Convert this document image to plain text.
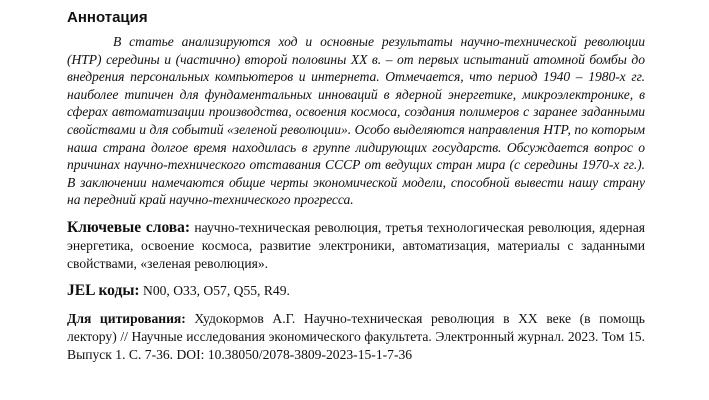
Аннотация

В статье анализируются ход и основные результаты научно-технической революции (НТР) середины и (частично) второй половины XX в. – от первых испытаний атомной бомбы до внедрения персональных компьютеров и интернета. Отмечается, что период 1940 – 1980-х гг. наиболее типичен для фундаментальных инноваций в ядерной энергетике, микроэлектронике, в сферах автоматизации производства, освоения космоса, создания полимеров с заранее заданными свойствами и для событий «зеленой революции». Особо выделяются направления НТР, по которым наша страна долгое время находилась в группе лидирующих государств. Обсуждается вопрос о причинах научно-технического отставания СССР от ведущих стран мира (с середины 1970-х гг.). В заключении намечаются общие черты экономической модели, способной вывести нашу страну на передний край научно-технического прогресса.

Ключевые слова: научно-техническая революция, третья технологическая революция, ядерная энергетика, освоение космоса, развитие электроники, автоматизация, материалы с заданными свойствами, «зеленая революция».

JEL коды: N00, O33, O57, Q55, R49.

Для цитирования: Худокормов А.Г. Научно-техническая революция в XX веке (в помощь лектору) // Научные исследования экономического факультета. Электронный журнал. 2023. Том 15. Выпуск 1. С. 7-36. DOI: 10.38050/2078-3809-2023-15-1-7-36
